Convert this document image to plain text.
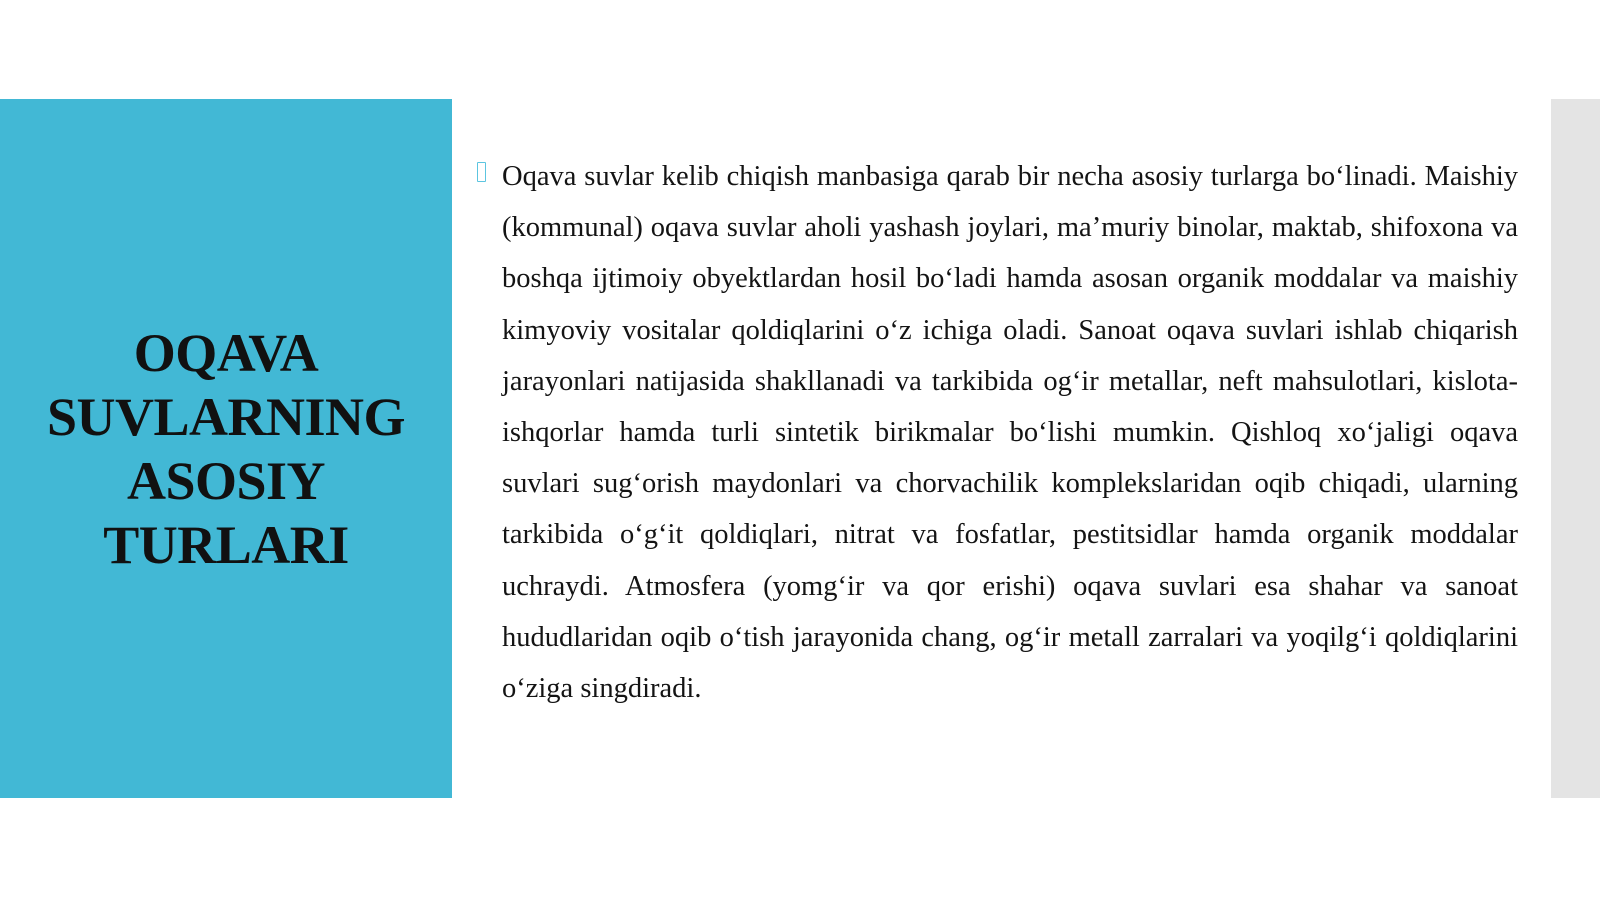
OQAVA
SUVLARNING
ASOSIY
TURLARI

Oqava suvlar kelib chiqish manbasiga qarab bir necha asosiy turlarga bo‘linadi. Maishiy (kommunal) oqava suvlar aholi yashash joylari, ma’muriy binolar, maktab, shifoxona va boshqa ijtimoiy obyektlardan hosil bo‘ladi hamda asosan organik moddalar va maishiy kimyoviy vositalar qoldiqlarini o‘z ichiga oladi. Sanoat oqava suvlari ishlab chiqarish jarayonlari natijasida shakllanadi va tarkibida og‘ir metallar, neft mahsulotlari, kislota-ishqorlar hamda turli sintetik birikmalar bo‘lishi mumkin. Qishloq xo‘jaligi oqava suvlari sug‘orish maydonlari va chorvachilik komplekslaridan oqib chiqadi, ularning tarkibida o‘g‘it qoldiqlari, nitrat va fosfatlar, pestitsidlar hamda organik moddalar uchraydi. Atmosfera (yomg‘ir va qor erishi) oqava suvlari esa shahar va sanoat hududlaridan oqib o‘tish jarayonida chang, og‘ir metall zarralari va yoqilg‘i qoldiqlarini o‘ziga singdiradi.
